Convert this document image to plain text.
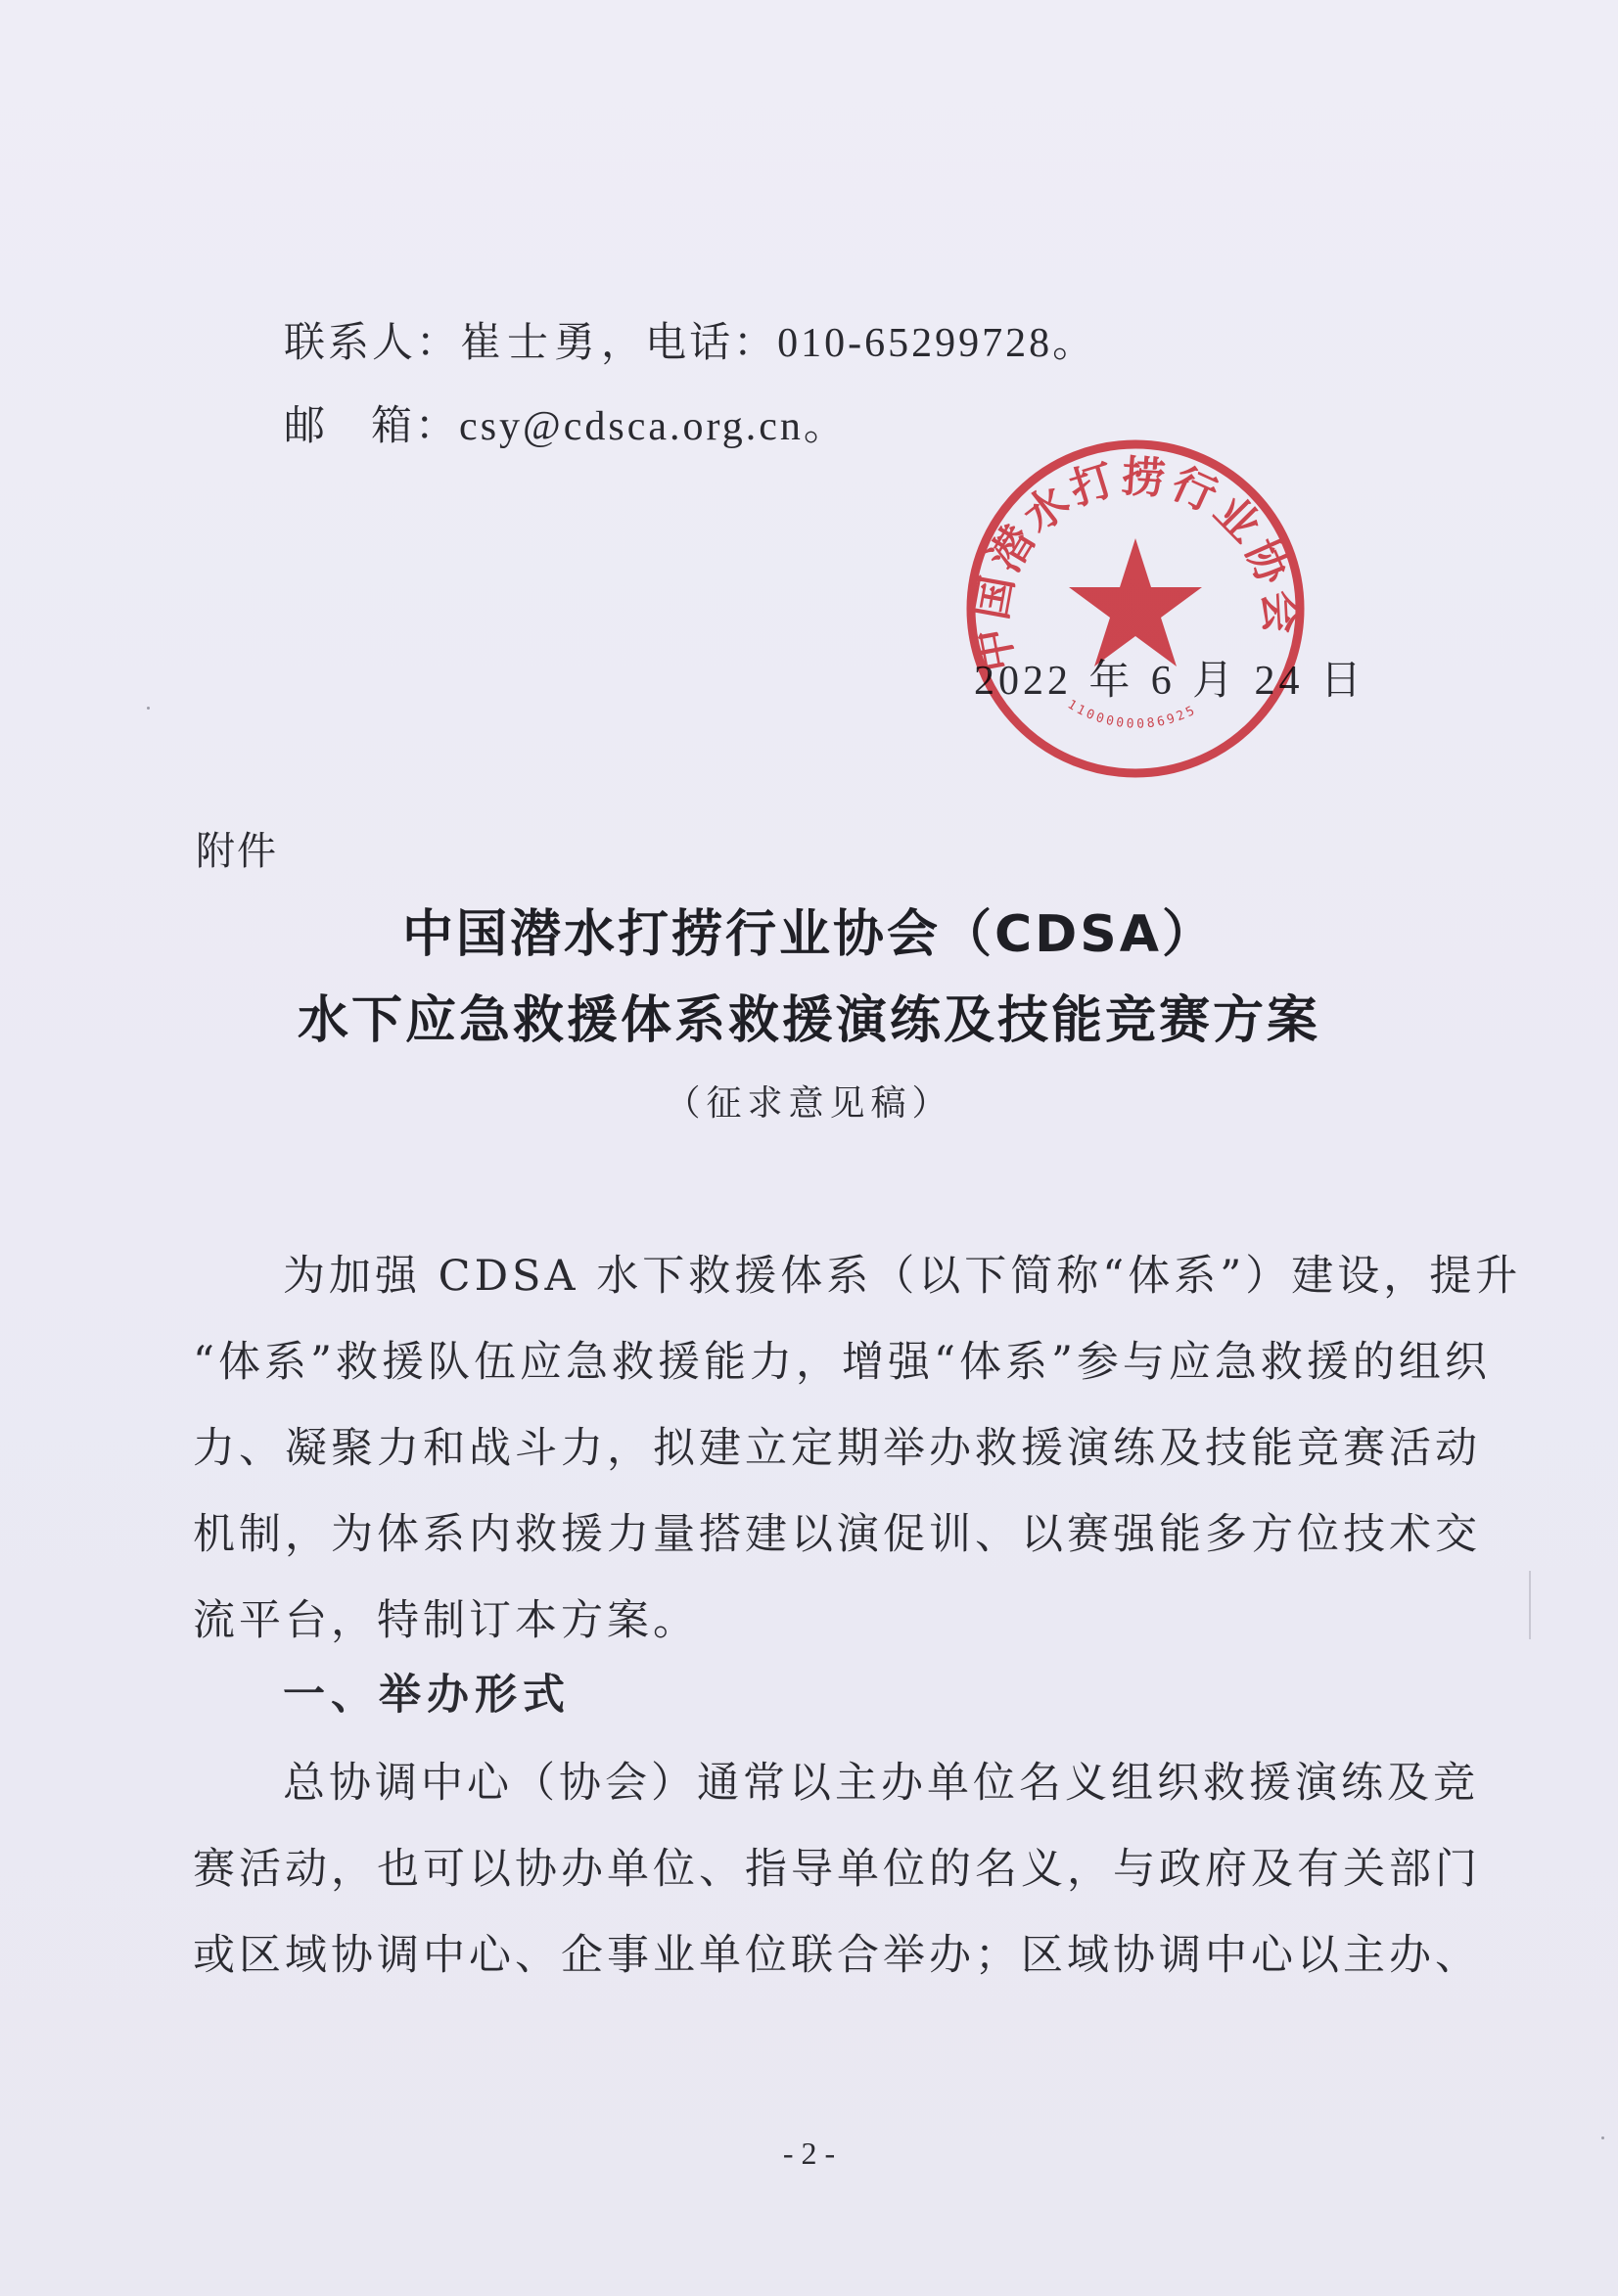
联系人：崔士勇，电话：010-65299728。
邮 箱：csy@cdsca.org.cn。
2022 年 6 月 24 日
中国潜水打捞行业协会
1100000086925
附件
中国潜水打捞行业协会（CDSA）
水下应急救援体系救援演练及技能竞赛方案
（征求意见稿）
为加强 CDSA 水下救援体系（以下简称“体系”）建设，提升
“体系”救援队伍应急救援能力，增强“体系”参与应急救援的组织
力、凝聚力和战斗力，拟建立定期举办救援演练及技能竞赛活动
机制，为体系内救援力量搭建以演促训、以赛强能多方位技术交
流平台，特制订本方案。
一、举办形式
总协调中心（协会）通常以主办单位名义组织救援演练及竞
赛活动，也可以协办单位、指导单位的名义，与政府及有关部门
或区域协调中心、企事业单位联合举办；区域协调中心以主办、
- 2 -
